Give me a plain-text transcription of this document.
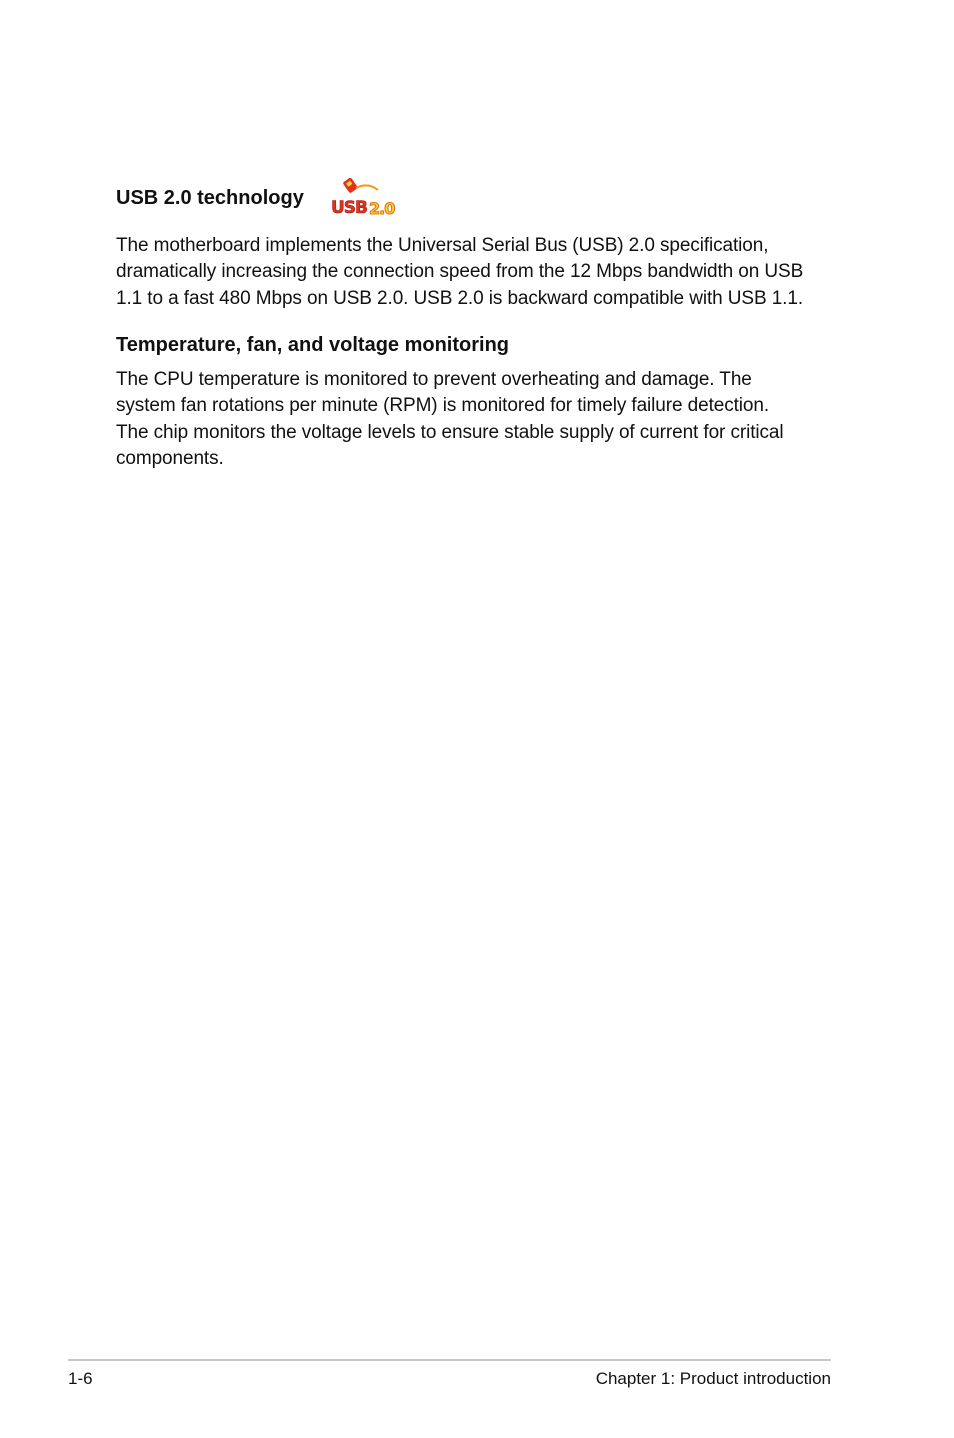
USB 2.0 technology USB 2.0

The motherboard implements the Universal Serial Bus (USB) 2.0 specification,
dramatically increasing the connection speed from the 12 Mbps bandwidth on USB
1.1 to a fast 480 Mbps on USB 2.0. USB 2.0 is backward compatible with USB 1.1.

Temperature, fan, and voltage monitoring

The CPU temperature is monitored to prevent overheating and damage. The
system fan rotations per minute (RPM) is monitored for timely failure detection.
The chip monitors the voltage levels to ensure stable supply of current for critical
components.

1-6	Chapter 1: Product introduction
